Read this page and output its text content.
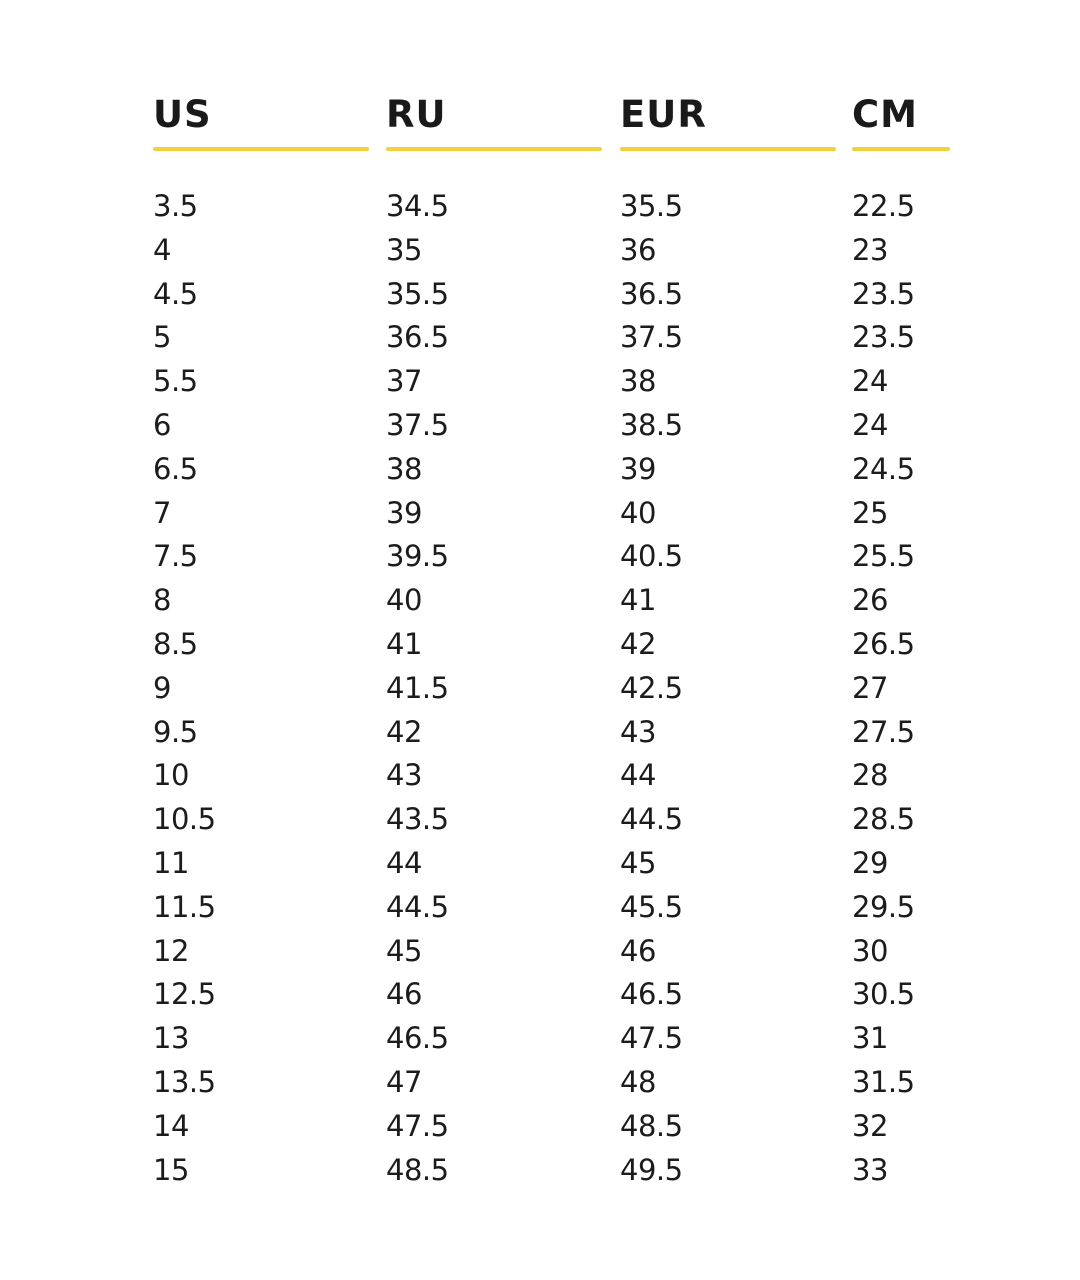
US
3.5
4
4.5
5
5.5
6
6.5
7
7.5
8
8.5
9
9.5
10
10.5
11
11.5
12
12.5
13
13.5
14
15
RU
34.5
35
35.5
36.5
37
37.5
38
39
39.5
40
41
41.5
42
43
43.5
44
44.5
45
46
46.5
47
47.5
48.5
EUR
35.5
36
36.5
37.5
38
38.5
39
40
40.5
41
42
42.5
43
44
44.5
45
45.5
46
46.5
47.5
48
48.5
49.5
CM
22.5
23
23.5
23.5
24
24
24.5
25
25.5
26
26.5
27
27.5
28
28.5
29
29.5
30
30.5
31
31.5
32
33
